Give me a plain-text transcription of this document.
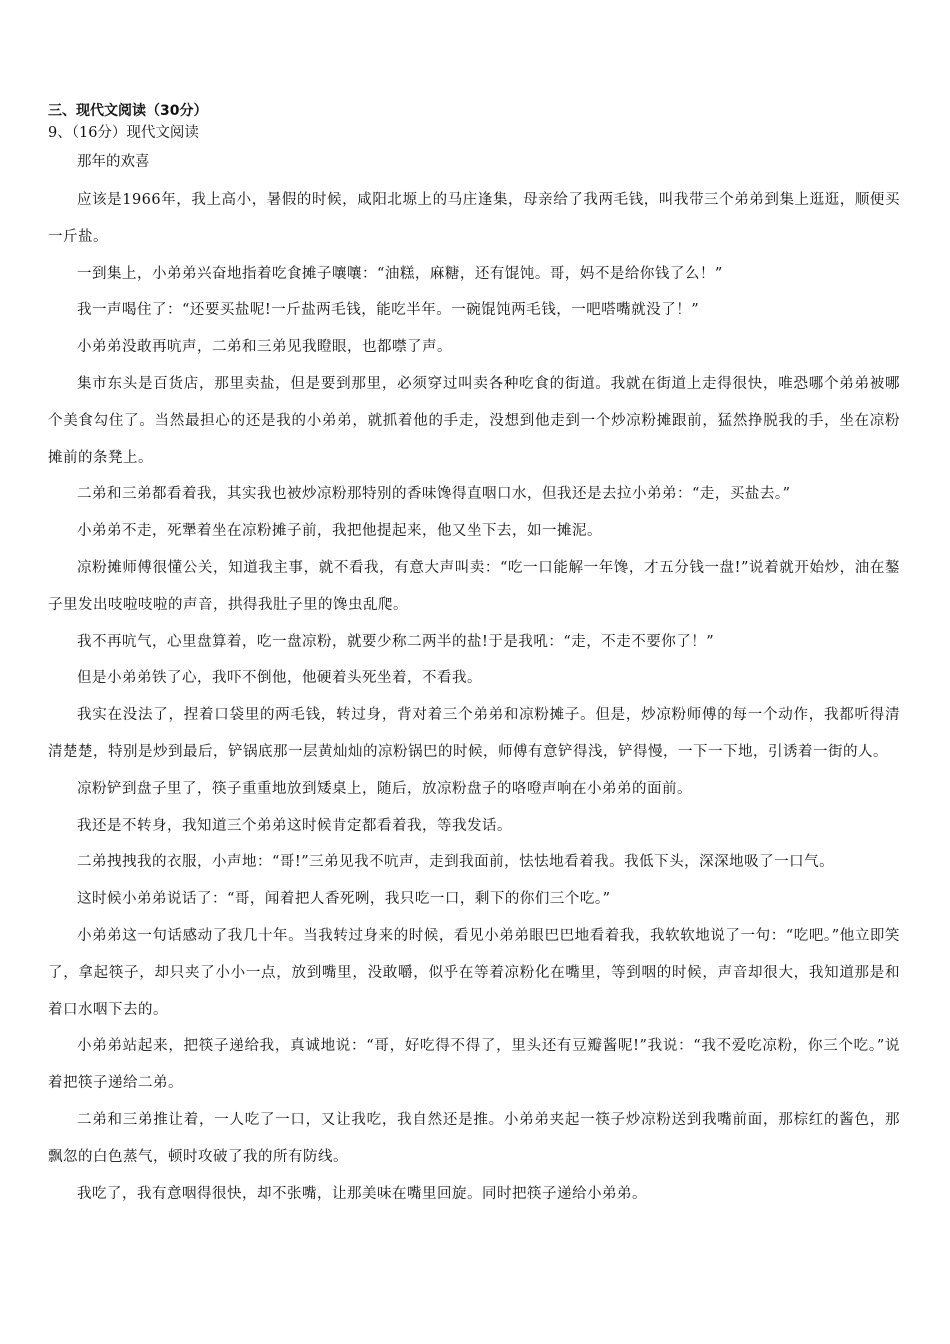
三、现代文阅读（30分）

9、（16分）现代文阅读

那年的欢喜

应该是1966年，我上高小，暑假的时候，咸阳北塬上的马庄逢集，母亲给了我两毛钱，叫我带三个弟弟到集上逛逛，顺便买一斤盐。

一到集上，小弟弟兴奋地指着吃食摊子嚷嚷：“油糕，麻糖，还有馄饨。哥，妈不是给你钱了么！”

我一声喝住了：“还要买盐呢!一斤盐两毛钱，能吃半年。一碗馄饨两毛钱，一吧嗒嘴就没了！”

小弟弟没敢再吭声，二弟和三弟见我瞪眼，也都噤了声。

集市东头是百货店，那里卖盐，但是要到那里，必须穿过叫卖各种吃食的街道。我就在街道上走得很快，唯恐哪个弟弟被哪个美食勾住了。当然最担心的还是我的小弟弟，就抓着他的手走，没想到他走到一个炒凉粉摊跟前，猛然挣脱我的手，坐在凉粉摊前的条凳上。

二弟和三弟都看着我，其实我也被炒凉粉那特别的香味馋得直咽口水，但我还是去拉小弟弟：“走，买盐去。”

小弟弟不走，死犟着坐在凉粉摊子前，我把他提起来，他又坐下去，如一摊泥。

凉粉摊师傅很懂公关，知道我主事，就不看我，有意大声叫卖：“吃一口能解一年馋，才五分钱一盘!”说着就开始炒，油在鏊子里发出吱啦吱啦的声音，拱得我肚子里的馋虫乱爬。

我不再吭气，心里盘算着，吃一盘凉粉，就要少称二两半的盐!于是我吼：“走，不走不要你了！”

但是小弟弟铁了心，我吓不倒他，他硬着头死坐着，不看我。

我实在没法了，捏着口袋里的两毛钱，转过身，背对着三个弟弟和凉粉摊子。但是，炒凉粉师傅的每一个动作，我都听得清清楚楚，特别是炒到最后，铲锅底那一层黄灿灿的凉粉锅巴的时候，师傅有意铲得浅，铲得慢，一下一下地，引诱着一街的人。

凉粉铲到盘子里了，筷子重重地放到矮桌上，随后，放凉粉盘子的咯噔声响在小弟弟的面前。

我还是不转身，我知道三个弟弟这时候肯定都看着我，等我发话。

二弟拽拽我的衣服，小声地：“哥!”三弟见我不吭声，走到我面前，怯怯地看着我。我低下头，深深地吸了一口气。

这时候小弟弟说话了：“哥，闻着把人香死咧，我只吃一口，剩下的你们三个吃。”

小弟弟这一句话感动了我几十年。当我转过身来的时候，看见小弟弟眼巴巴地看着我，我软软地说了一句：“吃吧。”他立即笑了，拿起筷子，却只夹了小小一点，放到嘴里，没敢嚼，似乎在等着凉粉化在嘴里，等到咽的时候，声音却很大，我知道那是和着口水咽下去的。

小弟弟站起来，把筷子递给我，真诚地说：“哥，好吃得不得了，里头还有豆瓣酱呢!”我说：“我不爱吃凉粉，你三个吃。”说着把筷子递给二弟。

二弟和三弟推让着，一人吃了一口，又让我吃，我自然还是推。小弟弟夹起一筷子炒凉粉送到我嘴前面，那棕红的酱色，那飘忽的白色蒸气，顿时攻破了我的所有防线。

我吃了，我有意咽得很快，却不张嘴，让那美味在嘴里回旋。同时把筷子递给小弟弟。
